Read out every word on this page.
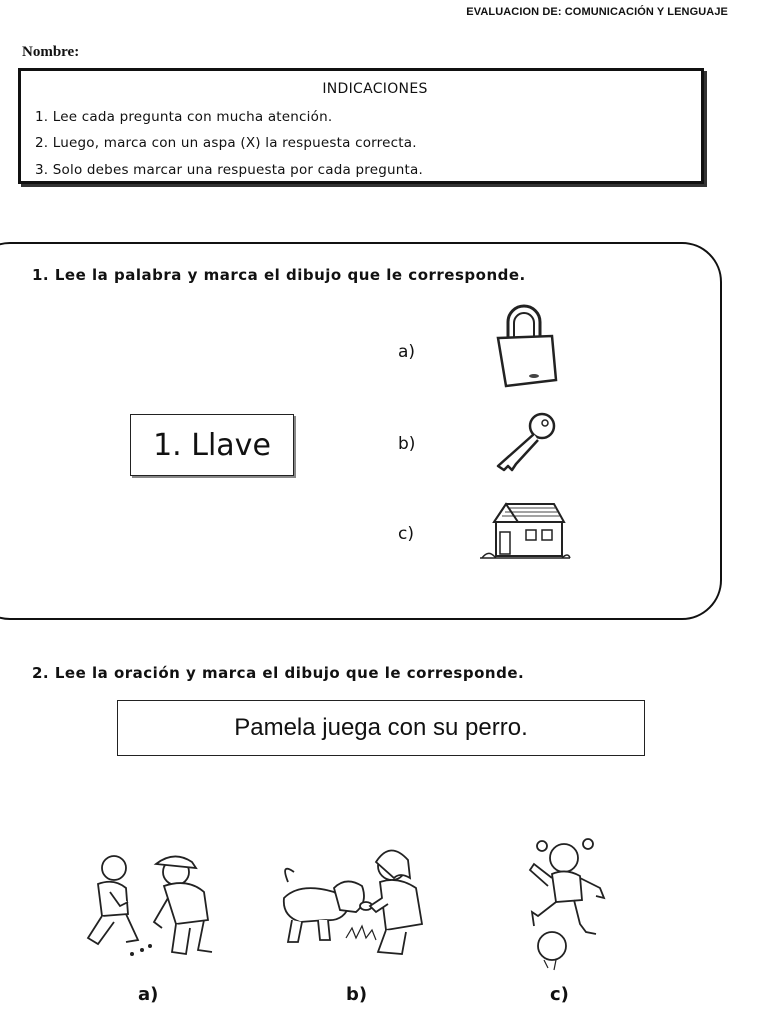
EVALUACION DE: COMUNICACIÓN Y LENGUAJE
Nombre:
INDICACIONES
1. Lee cada pregunta con mucha atención.
2. Luego, marca con un aspa (X) la respuesta correcta.
3. Solo debes marcar una respuesta por cada pregunta.
1. Lee la palabra y marca el dibujo que le corresponde.
1. Llave
a)
b)
c)
2. Lee la oración y marca el dibujo que le corresponde.
Pamela juega con su perro.
a)	b)	c)
